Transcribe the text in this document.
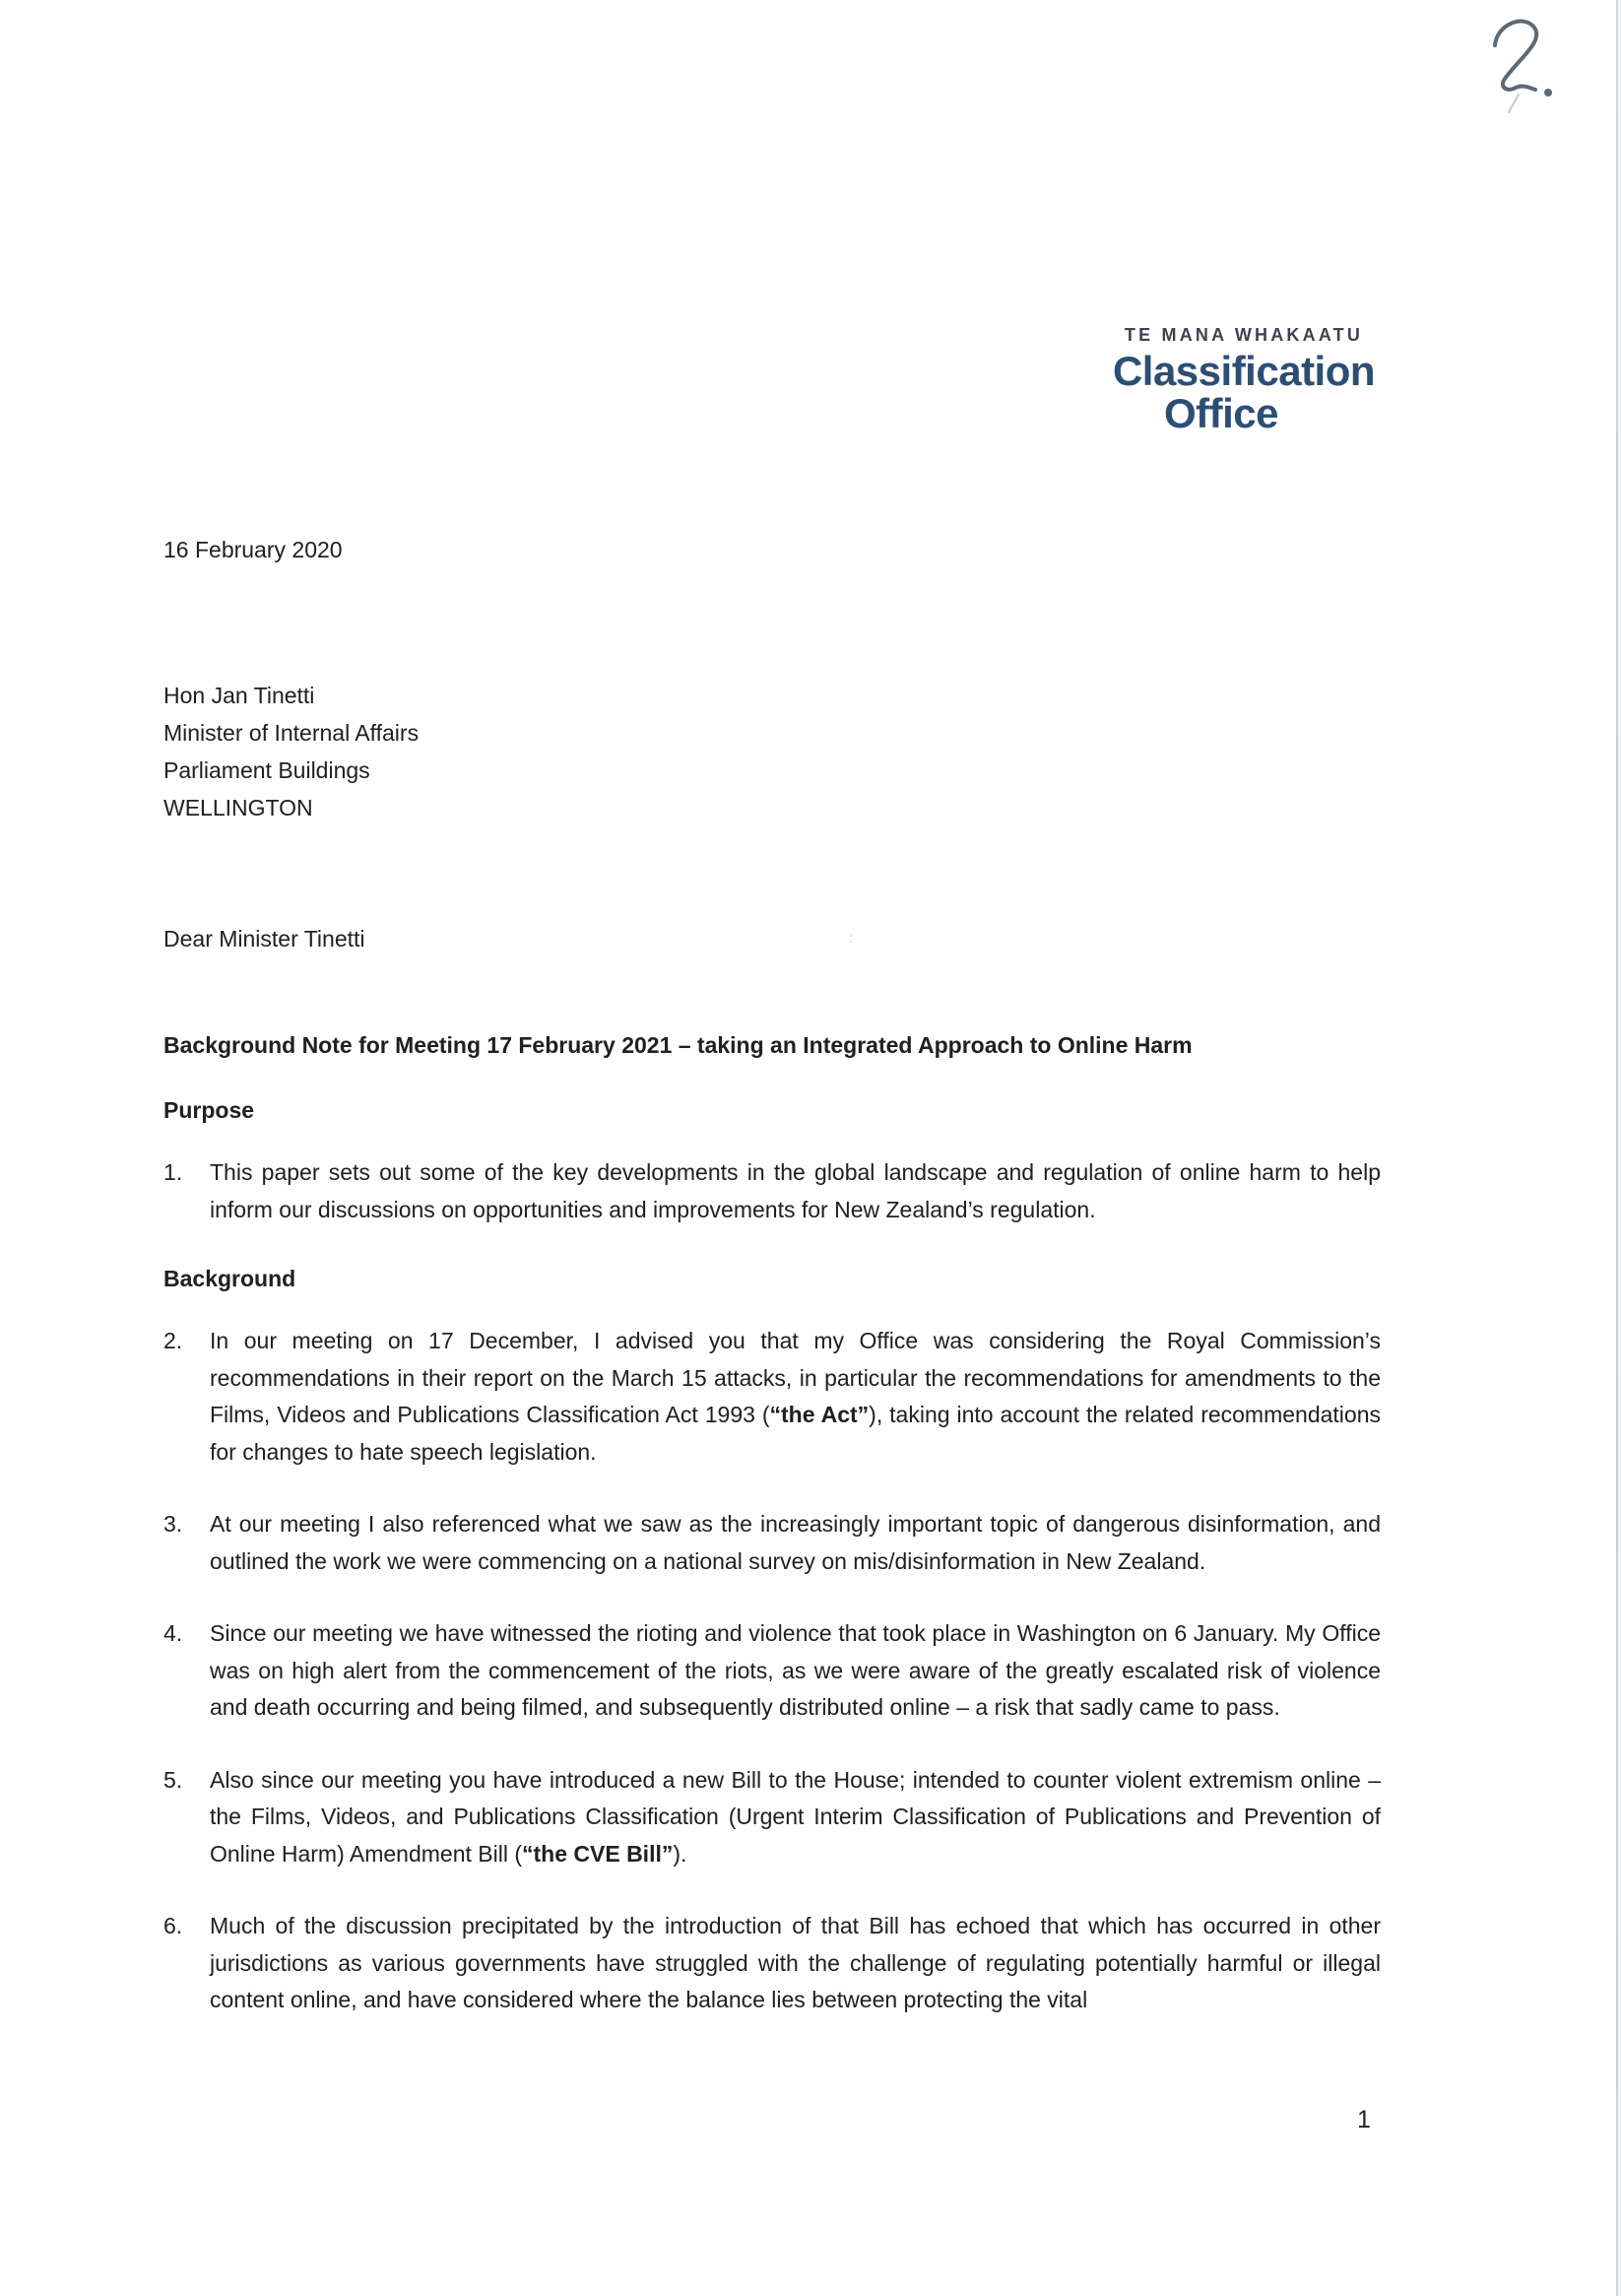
TE MANA WHAKAATU
Classification
Office
16 February 2020
Hon Jan Tinetti
Minister of Internal Affairs
Parliament Buildings
WELLINGTON
Dear Minister Tinetti	:
Background Note for Meeting 17 February 2021 – taking an Integrated Approach to Online Harm
Purpose
1. This paper sets out some of the key developments in the global landscape and regulation of online harm to help inform our discussions on opportunities and improvements for New Zealand’s regulation.
Background
2. In our meeting on 17 December, I advised you that my Office was considering the Royal Commission’s recommendations in their report on the March 15 attacks, in particular the recommendations for amendments to the Films, Videos and Publications Classification Act 1993 (“the Act”), taking into account the related recommendations for changes to hate speech legislation.
3. At our meeting I also referenced what we saw as the increasingly important topic of dangerous disinformation, and outlined the work we were commencing on a national survey on mis/disinformation in New Zealand.
4. Since our meeting we have witnessed the rioting and violence that took place in Washington on 6 January. My Office was on high alert from the commencement of the riots, as we were aware of the greatly escalated risk of violence and death occurring and being filmed, and subsequently distributed online – a risk that sadly came to pass.
5. Also since our meeting you have introduced a new Bill to the House; intended to counter violent extremism online – the Films, Videos, and Publications Classification (Urgent Interim Classification of Publications and Prevention of Online Harm) Amendment Bill (“the CVE Bill”).
6. Much of the discussion precipitated by the introduction of that Bill has echoed that which has occurred in other jurisdictions as various governments have struggled with the challenge of regulating potentially harmful or illegal content online, and have considered where the balance lies between protecting the vital
1
